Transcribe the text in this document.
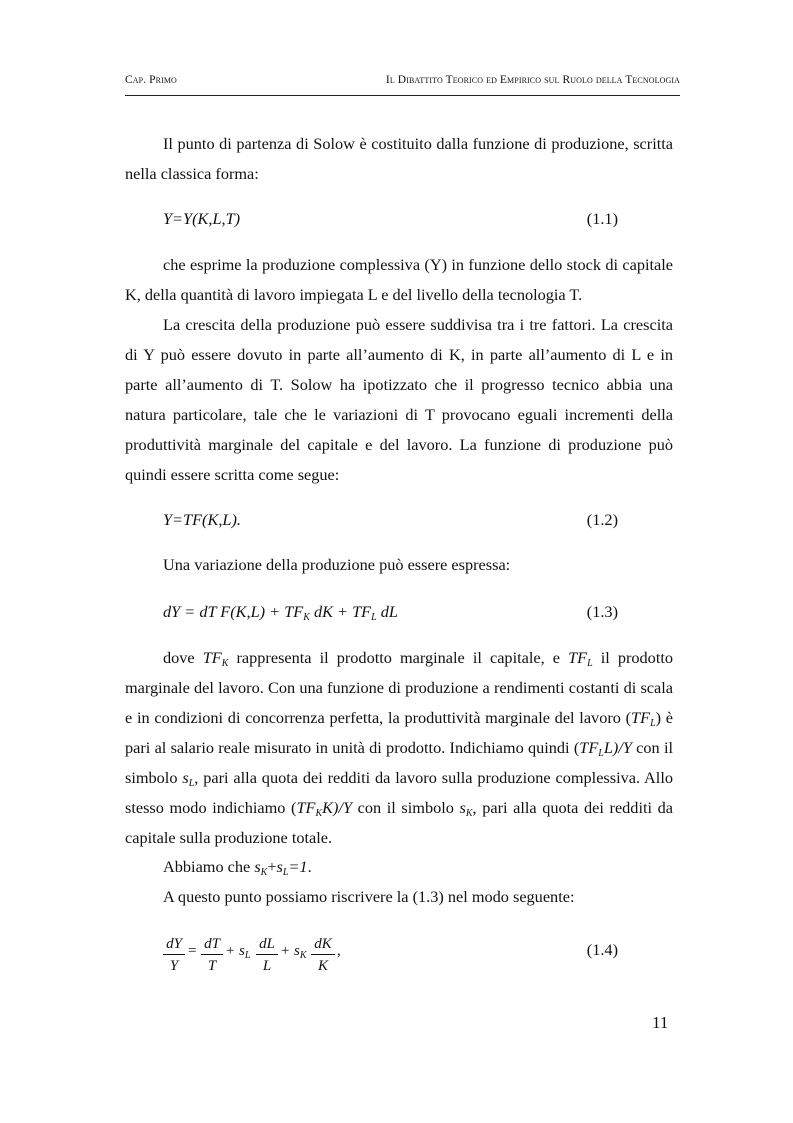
Cap. Primo	Il Dibattito Teorico ed Empirico sul Ruolo della Tecnologia
Il punto di partenza di Solow è costituito dalla funzione di produzione, scritta nella classica forma:
Y=Y(K,L,T)	(1.1)
che esprime la produzione complessiva (Y) in funzione dello stock di capitale K, della quantità di lavoro impiegata L e del livello della tecnologia T.
La crescita della produzione può essere suddivisa tra i tre fattori. La crescita di Y può essere dovuto in parte all’aumento di K, in parte all’aumento di L e in parte all’aumento di T. Solow ha ipotizzato che il progresso tecnico abbia una natura particolare, tale che le variazioni di T provocano eguali incrementi della produttività marginale del capitale e del lavoro. La funzione di produzione può quindi essere scritta come segue:
Y=TF(K,L).	(1.2)
Una variazione della produzione può essere espressa:
dY = dT $F(K,L) + TF_K$ dK + $TF_L$ dL	(1.3)
dove $TF_K$ rappresenta il prodotto marginale il capitale, e $TF_L$ il prodotto marginale del lavoro. Con una funzione di produzione a rendimenti costanti di scala e in condizioni di concorrenza perfetta, la produttività marginale del lavoro $(TF_L)$ è pari al salario reale misurato in unità di prodotto. Indichiamo quindi $(TF_LL)/Y$ con il simbolo $s_L$, pari alla quota dei redditi da lavoro sulla produzione complessiva. Allo stesso modo indichiamo $(TF_KK)/Y$ con il simbolo $s_K$, pari alla quota dei redditi da capitale sulla produzione totale.
Abbiamo che $s_K+s_L=1$.
A questo punto possiamo riscrivere la (1.3) nel modo seguente:
dY
Y
= dT
T
+ $s_L$
dL
L
+ $s_K$
dK
K
,	(1.4)
11
